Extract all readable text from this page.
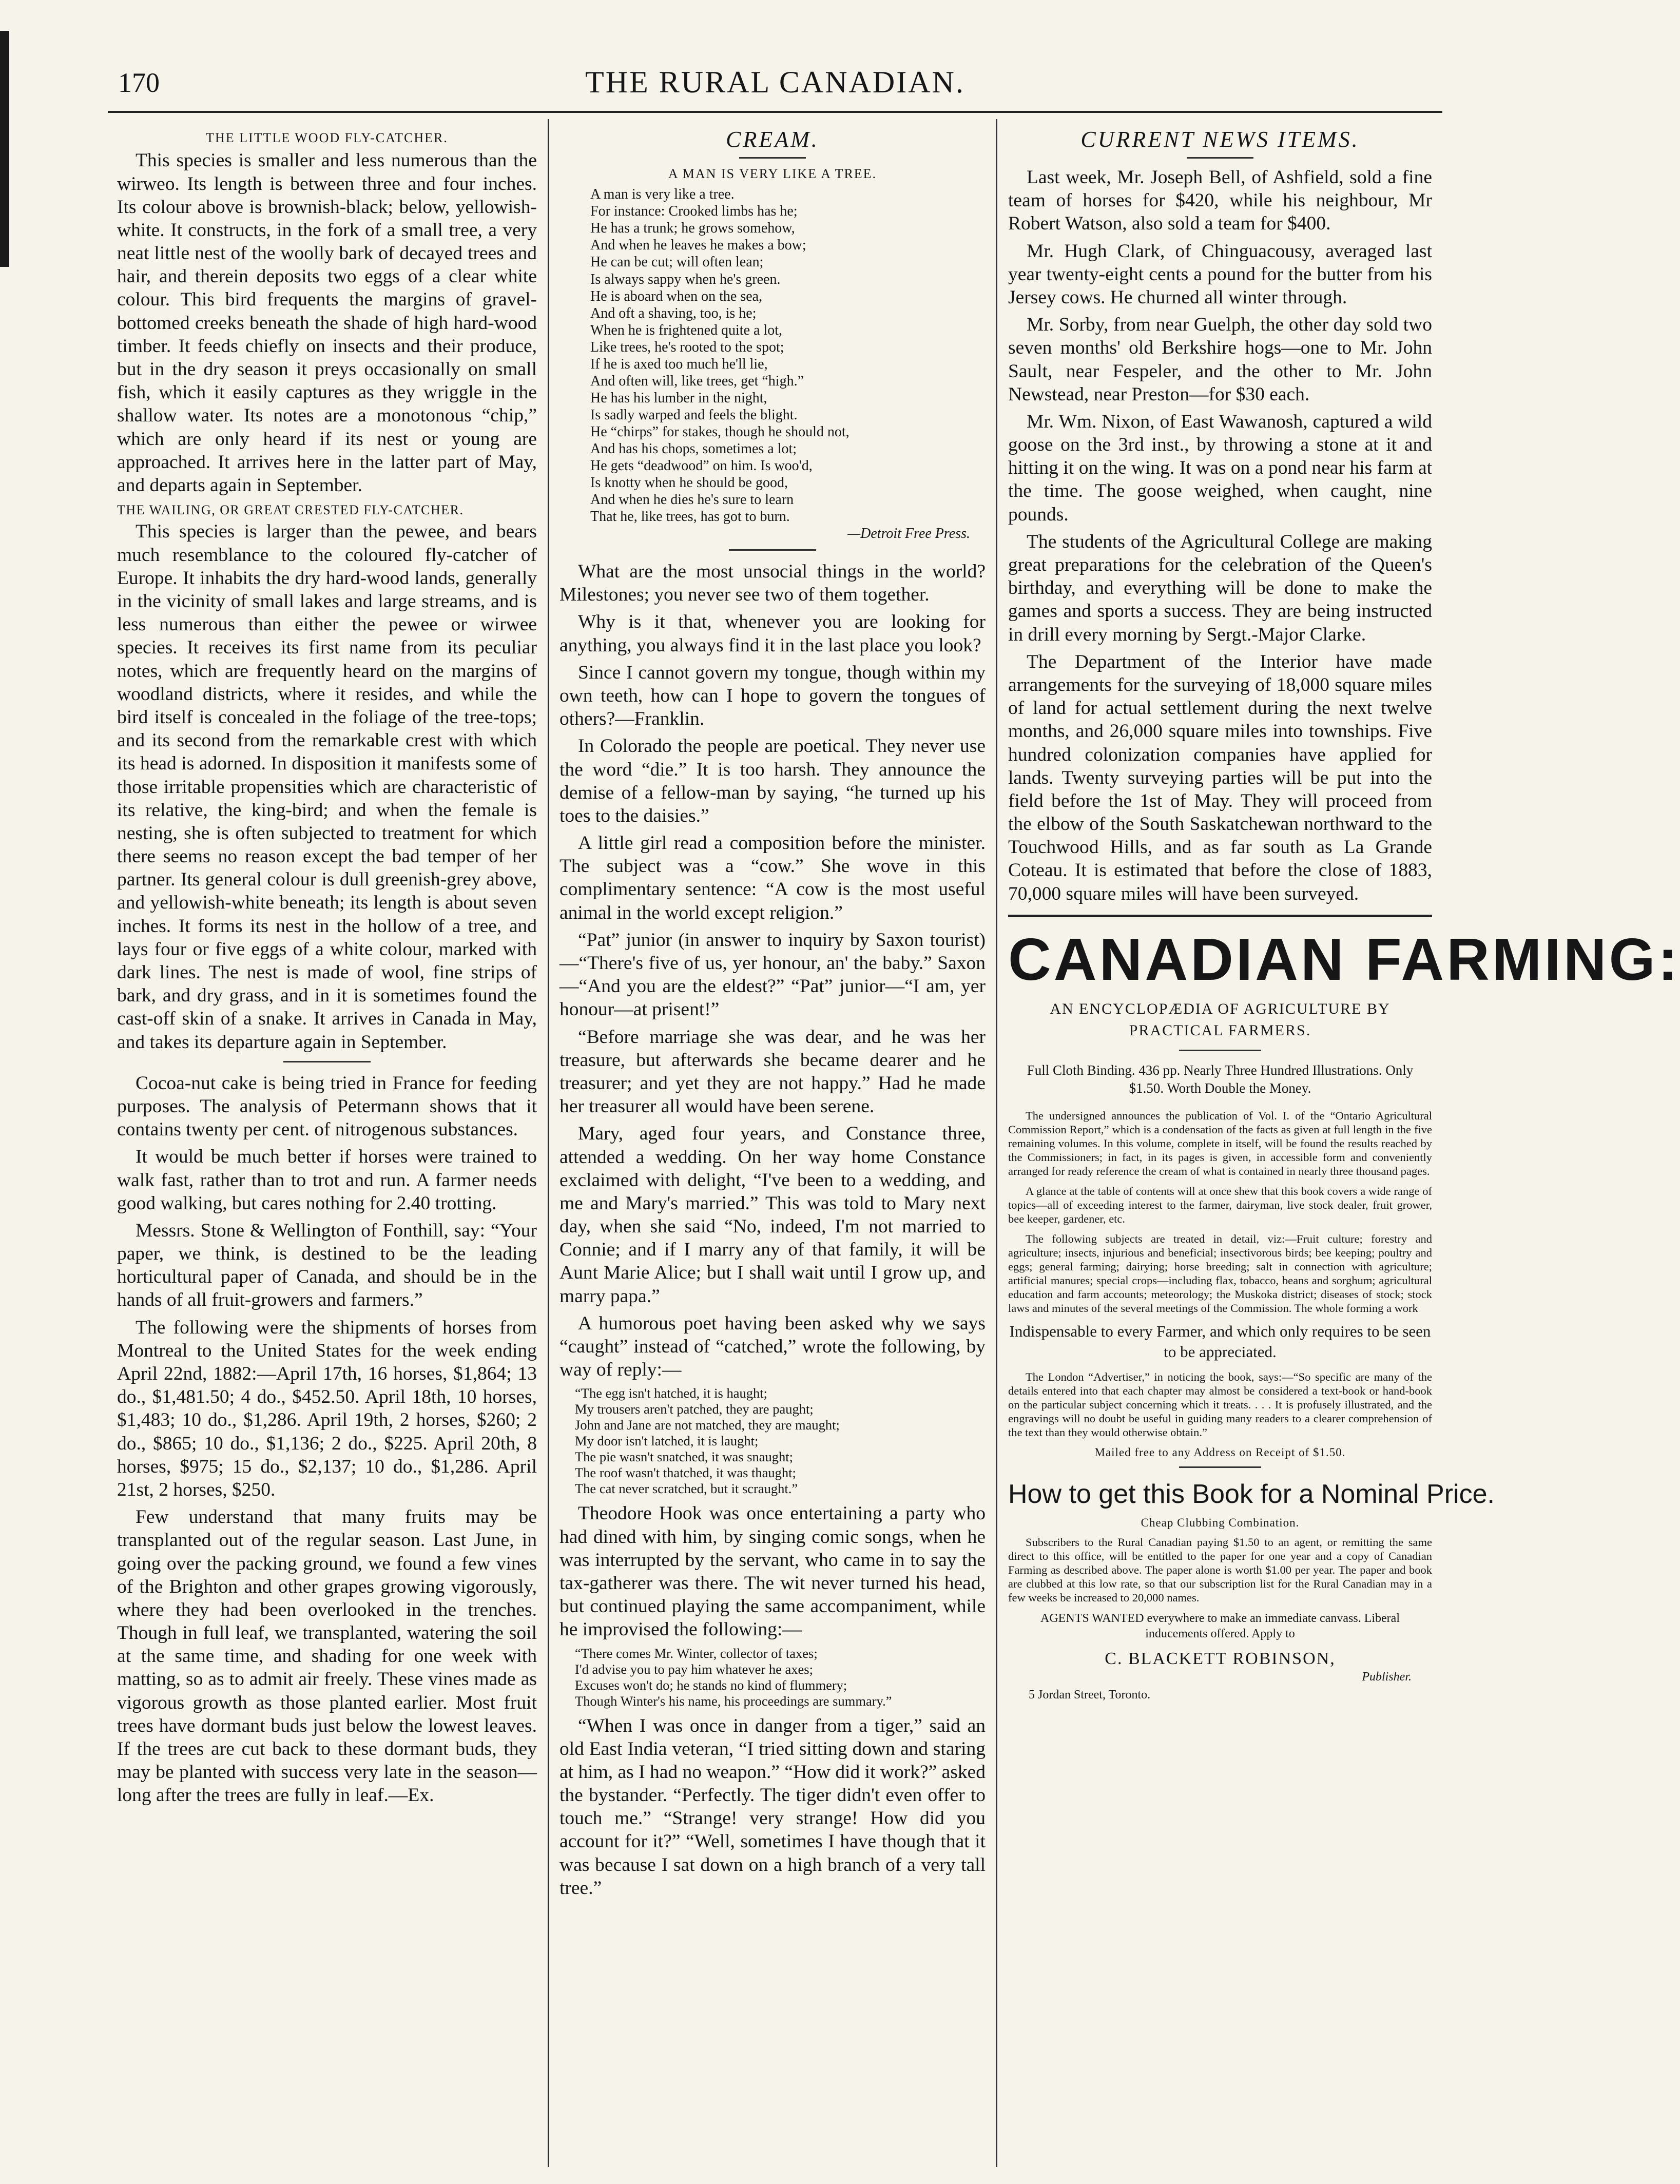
170	THE RURAL CANADIAN.
THE LITTLE WOOD FLY-CATCHER.

This species is smaller and less numerous than the wirweo. Its length is between three and four inches. Its colour above is brownish-black; below, yellowish-white. It constructs, in the fork of a small tree, a very neat little nest of the woolly bark of decayed trees and hair, and therein deposits two eggs of a clear white colour. This bird frequents the margins of gravel-bottomed creeks beneath the shade of high hard-wood timber. It feeds chiefly on insects and their produce, but in the dry season it preys occasionally on small fish, which it easily captures as they wriggle in the shallow water. Its notes are a monotonous “chip,” which are only heard if its nest or young are approached. It arrives here in the latter part of May, and departs again in September.

THE WAILING, OR GREAT CRESTED FLY-CATCHER.

This species is larger than the pewee, and bears much resemblance to the coloured fly-catcher of Europe. It inhabits the dry hard-wood lands, generally in the vicinity of small lakes and large streams, and is less numerous than either the pewee or wirwee species. It receives its first name from its peculiar notes, which are frequently heard on the margins of woodland districts, where it resides, and while the bird itself is concealed in the foliage of the tree-tops; and its second from the remarkable crest with which its head is adorned. In disposition it manifests some of those irritable propensities which are characteristic of its relative, the king-bird; and when the female is nesting, she is often subjected to treatment for which there seems no reason except the bad temper of her partner. Its general colour is dull greenish-grey above, and yellowish-white beneath; its length is about seven inches. It forms its nest in the hollow of a tree, and lays four or five eggs of a white colour, marked with dark lines. The nest is made of wool, fine strips of bark, and dry grass, and in it is sometimes found the cast-off skin of a snake. It arrives in Canada in May, and takes its departure again in September.

Cocoa-nut cake is being tried in France for feeding purposes. The analysis of Petermann shows that it contains twenty per cent. of nitrogenous substances.

It would be much better if horses were trained to walk fast, rather than to trot and run. A farmer needs good walking, but cares nothing for 2.40 trotting.

Messrs. Stone & Wellington of Fonthill, say: “Your paper, we think, is destined to be the leading horticultural paper of Canada, and should be in the hands of all fruit-growers and farmers.”

The following were the shipments of horses from Montreal to the United States for the week ending April 22nd, 1882:—April 17th, 16 horses, $1,864; 13 do., $1,481.50; 4 do., $452.50. April 18th, 10 horses, $1,483; 10 do., $1,286. April 19th, 2 horses, $260; 2 do., $865; 10 do., $1,136; 2 do., $225. April 20th, 8 horses, $975; 15 do., $2,137; 10 do., $1,286. April 21st, 2 horses, $250.

Few understand that many fruits may be transplanted out of the regular season. Last June, in going over the packing ground, we found a few vines of the Brighton and other grapes growing vigorously, where they had been overlooked in the trenches. Though in full leaf, we transplanted, watering the soil at the same time, and shading for one week with matting, so as to admit air freely. These vines made as vigorous growth as those planted earlier. Most fruit trees have dormant buds just below the lowest leaves. If the trees are cut back to these dormant buds, they may be planted with success very late in the season—long after the trees are fully in leaf.—Ex.

CREAM.
A MAN IS VERY LIKE A TREE.
A man is very like a tree.
For instance: Crooked limbs has he;
He has a trunk; he grows somehow,
And when he leaves he makes a bow;
He can be cut; will often lean;
Is always sappy when he's green.
He is aboard when on the sea,
And oft a shaving, too, is he;
When he is frightened quite a lot,
Like trees, he's rooted to the spot;
If he is axed too much he'll lie,
And often will, like trees, get “high.”
He has his lumber in the night,
Is sadly warped and feels the blight.
He “chirps” for stakes, though he should not,
And has his chops, sometimes a lot;
He gets “deadwood” on him. Is woo'd,
Is knotty when he should be good,
And when he dies he's sure to learn
That he, like trees, has got to burn.
—Detroit Free Press.

What are the most unsocial things in the world? Milestones; you never see two of them together.

Why is it that, whenever you are looking for anything, you always find it in the last place you look?

Since I cannot govern my tongue, though within my own teeth, how can I hope to govern the tongues of others?—Franklin.

In Colorado the people are poetical. They never use the word “die.” It is too harsh. They announce the demise of a fellow-man by saying, “he turned up his toes to the daisies.”

A little girl read a composition before the minister. The subject was a “cow.” She wove in this complimentary sentence: “A cow is the most useful animal in the world except religion.”

“Pat” junior (in answer to inquiry by Saxon tourist)—“There's five of us, yer honour, an' the baby.” Saxon—“And you are the eldest?” “Pat” junior—“I am, yer honour—at prisent!”

“Before marriage she was dear, and he was her treasure, but afterwards she became dearer and he treasurer; and yet they are not happy.” Had he made her treasurer all would have been serene.

Mary, aged four years, and Constance three, attended a wedding. On her way home Constance exclaimed with delight, “I've been to a wedding, and me and Mary's married.” This was told to Mary next day, when she said “No, indeed, I'm not married to Connie; and if I marry any of that family, it will be Aunt Marie Alice; but I shall wait until I grow up, and marry papa.”

A humorous poet having been asked why we says “caught” instead of “catched,” wrote the following, by way of reply:—

“The egg isn't hatched, it is haught;
My trousers aren't patched, they are paught;
John and Jane are not matched, they are maught;
My door isn't latched, it is laught;
The pie wasn't snatched, it was snaught;
The roof wasn't thatched, it was thaught;
The cat never scratched, but it scraught.”

Theodore Hook was once entertaining a party who had dined with him, by singing comic songs, when he was interrupted by the servant, who came in to say the tax-gatherer was there. The wit never turned his head, but continued playing the same accompaniment, while he improvised the following:—

“There comes Mr. Winter, collector of taxes;
I'd advise you to pay him whatever he axes;
Excuses won't do; he stands no kind of flummery;
Though Winter's his name, his proceedings are summary.”

“When I was once in danger from a tiger,” said an old East India veteran, “I tried sitting down and staring at him, as I had no weapon.” “How did it work?” asked the bystander. “Perfectly. The tiger didn't even offer to touch me.” “Strange! very strange! How did you account for it?” “Well, sometimes I have though that it was because I sat down on a high branch of a very tall tree.”

CURRENT NEWS ITEMS.

Last week, Mr. Joseph Bell, of Ashfield, sold a fine team of horses for $420, while his neighbour, Mr Robert Watson, also sold a team for $400.

Mr. Hugh Clark, of Chinguacousy, averaged last year twenty-eight cents a pound for the butter from his Jersey cows. He churned all winter through.

Mr. Sorby, from near Guelph, the other day sold two seven months' old Berkshire hogs—one to Mr. John Sault, near Fespeler, and the other to Mr. John Newstead, near Preston—for $30 each.

Mr. Wm. Nixon, of East Wawanosh, captured a wild goose on the 3rd inst., by throwing a stone at it and hitting it on the wing. It was on a pond near his farm at the time. The goose weighed, when caught, nine pounds.

The students of the Agricultural College are making great preparations for the celebration of the Queen's birthday, and everything will be done to make the games and sports a success. They are being instructed in drill every morning by Sergt.-Major Clarke.

The Department of the Interior have made arrangements for the surveying of 18,000 square miles of land for actual settlement during the next twelve months, and 26,000 square miles into townships. Five hundred colonization companies have applied for lands. Twenty surveying parties will be put into the field before the 1st of May. They will proceed from the elbow of the South Saskatchewan northward to the Touchwood Hills, and as far south as La Grande Coteau. It is estimated that before the close of 1883, 70,000 square miles will have been surveyed.

CANADIAN FARMING:
AN ENCYCLOPÆDIA OF AGRICULTURE BY PRACTICAL FARMERS.
Full Cloth Binding. 436 pp. Nearly Three Hundred Illustrations. Only $1.50. Worth Double the Money.
The undersigned announces the publication of Vol. I. of the “Ontario Agricultural Commission Report,” which is a condensation of the facts as given at full length in the five remaining volumes. In this volume, complete in itself, will be found the results reached by the Commissioners; in fact, in its pages is given, in accessible form and conveniently arranged for ready reference the cream of what is contained in nearly three thousand pages.
A glance at the table of contents will at once shew that this book covers a wide range of topics—all of exceeding interest to the farmer, dairyman, live stock dealer, fruit grower, bee keeper, gardener, etc.
The following subjects are treated in detail, viz:—Fruit culture; forestry and agriculture; insects, injurious and beneficial; insectivorous birds; bee keeping; poultry and eggs; general farming; dairying; horse breeding; salt in connection with agriculture; artificial manures; special crops—including flax, tobacco, beans and sorghum; agricultural education and farm accounts; meteorology; the Muskoka district; diseases of stock; stock laws and minutes of the several meetings of the Commission. The whole forming a work
Indispensable to every Farmer, and which only requires to be seen to be appreciated.
The London “Advertiser,” in noticing the book, says:—“So specific are many of the details entered into that each chapter may almost be considered a text-book or hand-book on the particular subject concerning which it treats. . . . It is profusely illustrated, and the engravings will no doubt be useful in guiding many readers to a clearer comprehension of the text than they would otherwise obtain.”
Mailed free to any Address on Receipt of $1.50.
How to get this Book for a Nominal Price.
Cheap Clubbing Combination.
Subscribers to the Rural Canadian paying $1.50 to an agent, or remitting the same direct to this office, will be entitled to the paper for one year and a copy of Canadian Farming as described above. The paper alone is worth $1.00 per year. The paper and book are clubbed at this low rate, so that our subscription list for the Rural Canadian may in a few weeks be increased to 20,000 names.
AGENTS WANTED everywhere to make an immediate canvass. Liberal inducements offered. Apply to
C. BLACKETT ROBINSON,
Publisher.
5 Jordan Street, Toronto.
